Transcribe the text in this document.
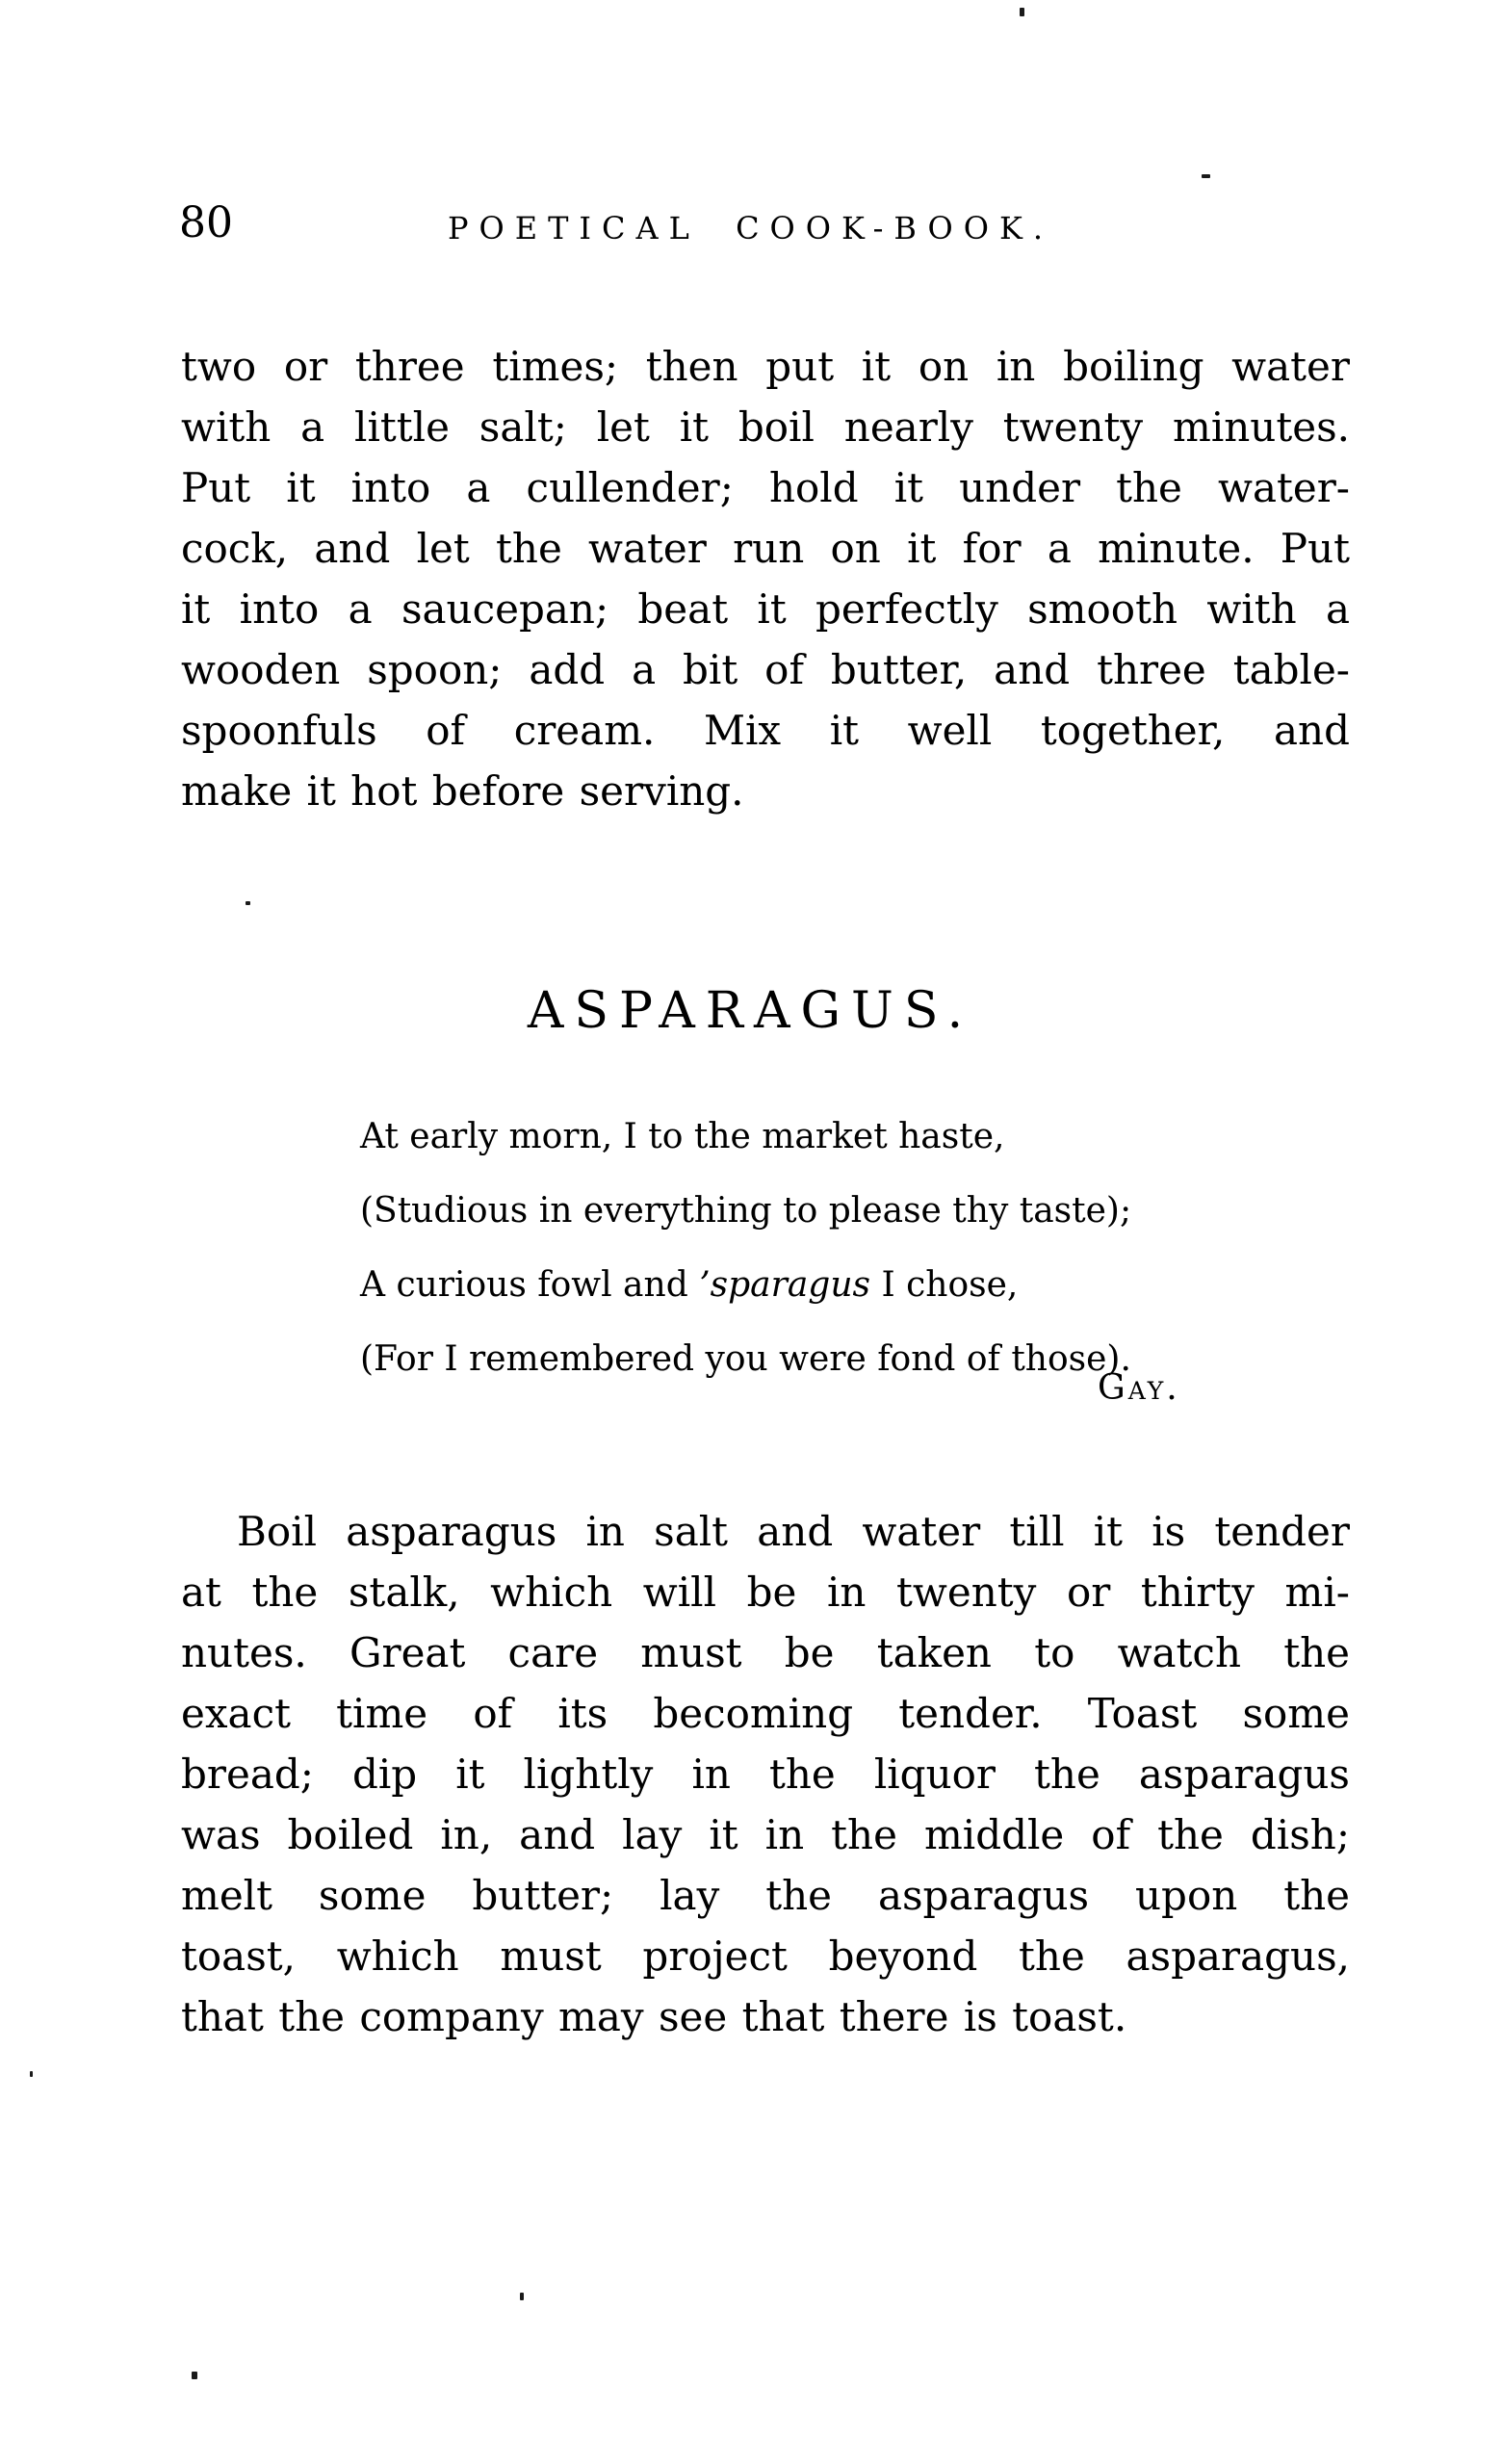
80	POETICAL COOK-BOOK.
two or three times; then put it on in boiling water
with a little salt; let it boil nearly twenty minutes.
Put it into a cullender; hold it under the water-
cock, and let the water run on it for a minute. Put
it into a saucepan; beat it perfectly smooth with a
wooden spoon; add a bit of butter, and three table-
spoonfuls of cream. Mix it well together, and
make it hot before serving.
ASPARAGUS.
At early morn, I to the market haste,
(Studious in everything to please thy taste);
A curious fowl and ’sparagus I chose,
(For I remembered you were fond of those).
Gay.
Boil asparagus in salt and water till it is tender
at the stalk, which will be in twenty or thirty mi-
nutes. Great care must be taken to watch the
exact time of its becoming tender. Toast some
bread; dip it lightly in the liquor the asparagus
was boiled in, and lay it in the middle of the dish;
melt some butter; lay the asparagus upon the
toast, which must project beyond the asparagus,
that the company may see that there is toast.
